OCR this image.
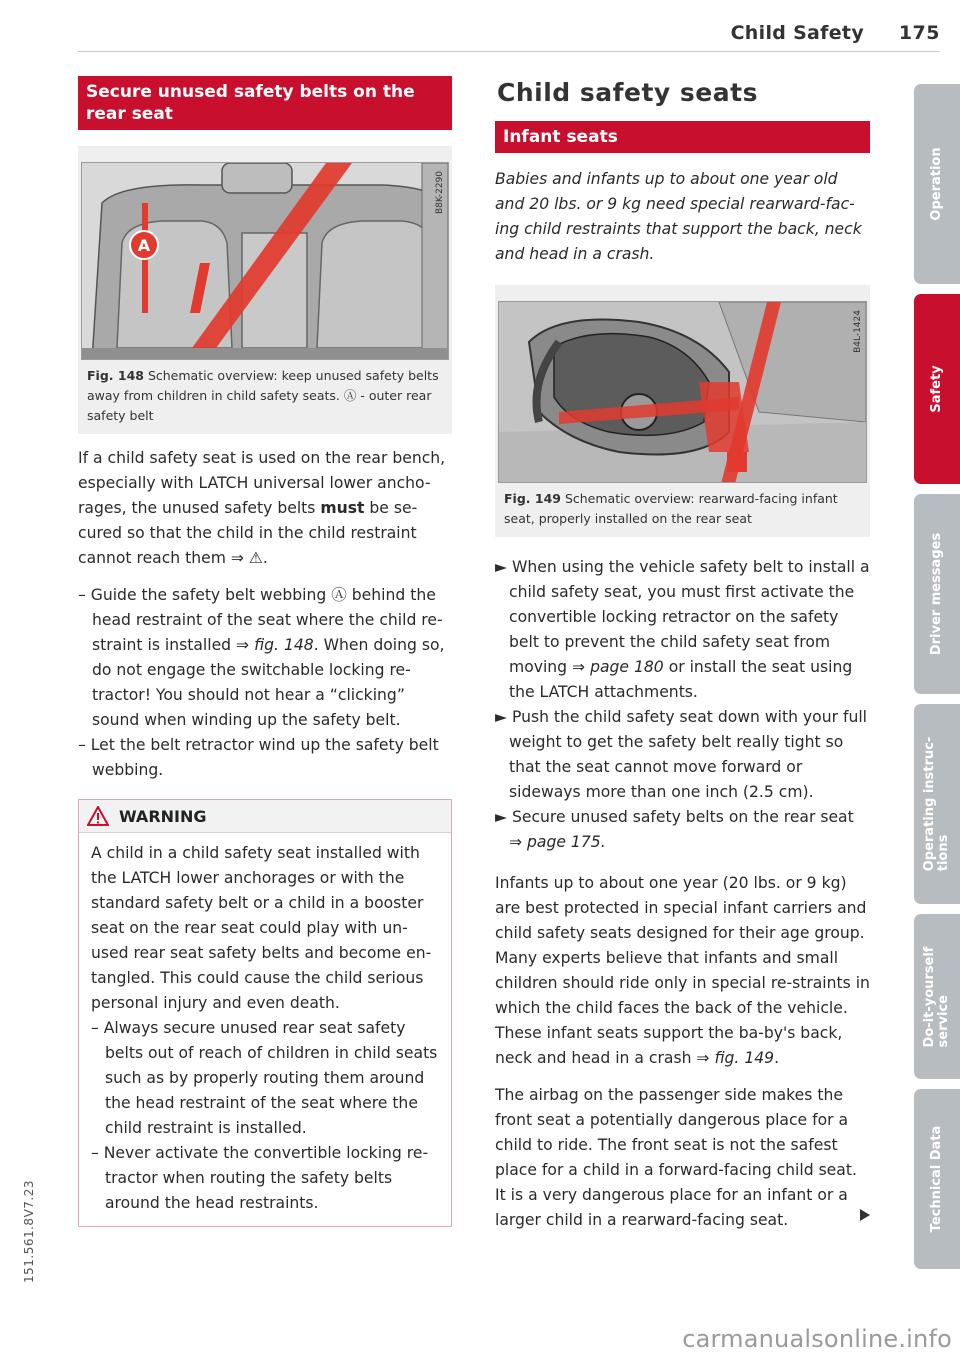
Child Safety 175
Secure unused safety belts on the rear seat
A
B8K-2290
Fig. 148 Schematic overview: keep unused safety belts away from children in child safety seats. Ⓐ - outer rear safety belt

If a child safety seat is used on the rear bench, especially with LATCH universal lower ancho-rages, the unused safety belts must be se-cured so that the child in the child restraint cannot reach them ⇒ ⚠.

– Guide the safety belt webbing Ⓐ behind the head restraint of the seat where the child re-straint is installed ⇒ fig. 148. When doing so, do not engage the switchable locking re-tractor! You should not hear a “clicking” sound when winding up the safety belt.
– Let the belt retractor wind up the safety belt webbing.
WARNING

A child in a child safety seat installed with the LATCH lower anchorages or with the standard safety belt or a child in a booster seat on the rear seat could play with un-used rear seat safety belts and become en-tangled. This could cause the child serious personal injury and even death.

– Always secure unused rear seat safety belts out of reach of children in child seats such as by properly routing them around the head restraint of the seat where the child restraint is installed.
– Never activate the convertible locking re-tractor when routing the safety belts around the head restraints.
Child safety seats
Infant seats

Babies and infants up to about one year old and 20 lbs. or 9 kg need special rearward-fac-ing child restraints that support the back, neck and head in a crash.

B4L-1424
Fig. 149 Schematic overview: rearward-facing infant seat, properly installed on the rear seat
► When using the vehicle safety belt to install a child safety seat, you must first activate the convertible locking retractor on the safety belt to prevent the child safety seat from moving ⇒ page 180 or install the seat using the LATCH attachments.
► Push the child safety seat down with your full weight to get the safety belt really tight so that the seat cannot move forward or sideways more than one inch (2.5 cm).
► Secure unused safety belts on the rear seat ⇒ page 175.

Infants up to about one year (20 lbs. or 9 kg) are best protected in special infant carriers and child safety seats designed for their age group. Many experts believe that infants and small children should ride only in special re-straints in which the child faces the back of the vehicle. These infant seats support the ba-by's back, neck and head in a crash ⇒ fig. 149.

The airbag on the passenger side makes the front seat a potentially dangerous place for a child to ride. The front seat is not the safest place for a child in a forward-facing child seat. It is a very dangerous place for an infant or a larger child in a rearward-facing seat.

Operation
Safety
Driver messages
Operating instruc-
tions
Do-it-yourself
service
Technical Data
151.561.8V7.23
carmanualsonline.info
